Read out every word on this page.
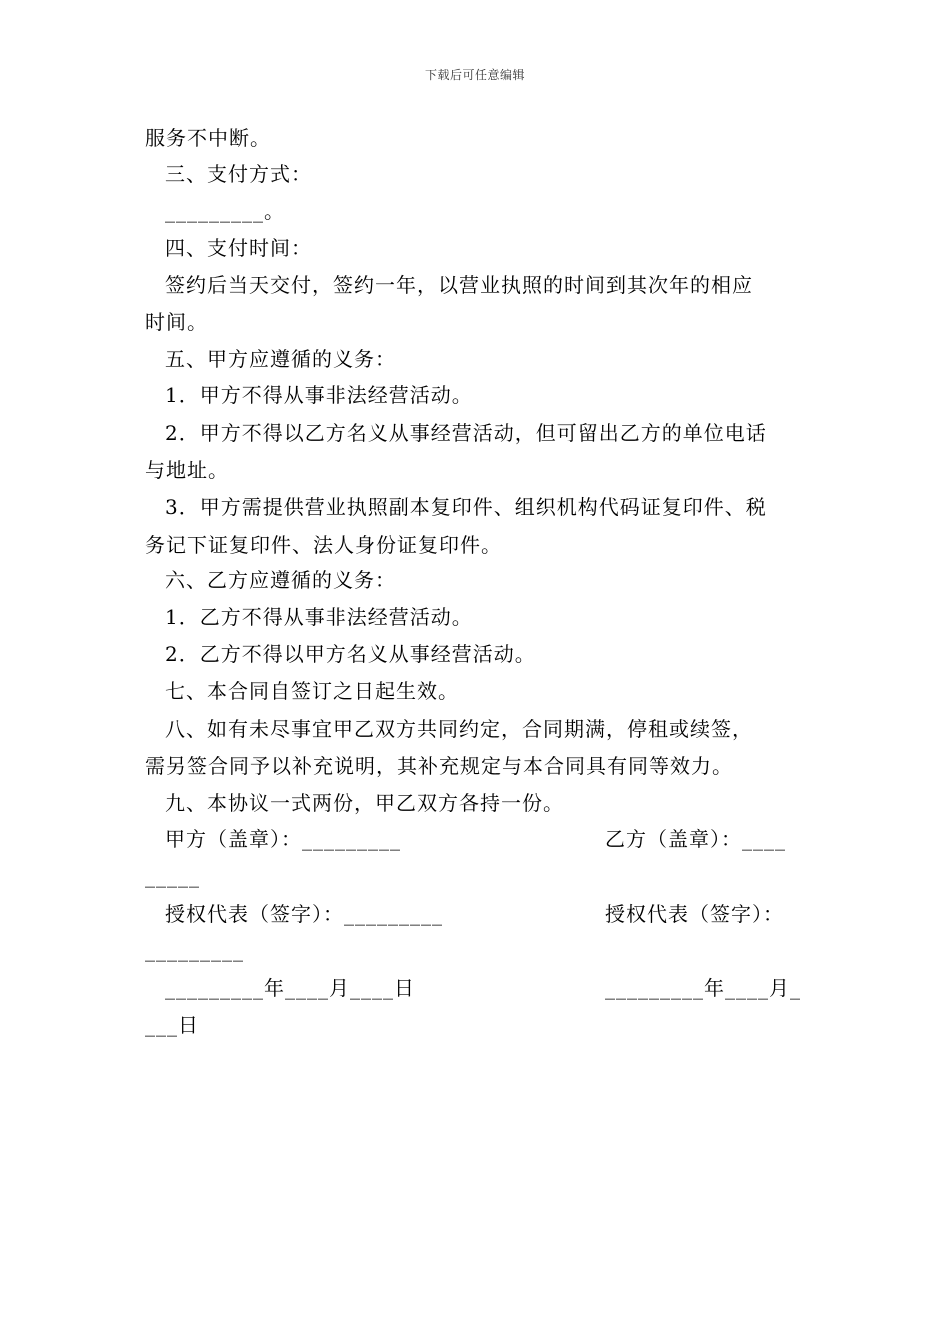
下载后可任意编辑
服务不中断。
三、支付方式：
_________。
四、支付时间：
签约后当天交付，签约一年，以营业执照的时间到其次年的相应
时间。
五、甲方应遵循的义务：
1．甲方不得从事非法经营活动。
2．甲方不得以乙方名义从事经营活动，但可留出乙方的单位电话
与地址。
3．甲方需提供营业执照副本复印件、组织机构代码证复印件、税
务记下证复印件、法人身份证复印件。
六、乙方应遵循的义务：
1．乙方不得从事非法经营活动。
2．乙方不得以甲方名义从事经营活动。
七、本合同自签订之日起生效。
八、如有未尽事宜甲乙双方共同约定，合同期满，停租或续签，
需另签合同予以补充说明，其补充规定与本合同具有同等效力。
九、本协议一式两份，甲乙双方各持一份。
甲方（盖章）：_________	乙方（盖章）：____
_____
授权代表（签字）：_________	授权代表（签字）：
_________
_________年____月____日	_________年____月_
___日
